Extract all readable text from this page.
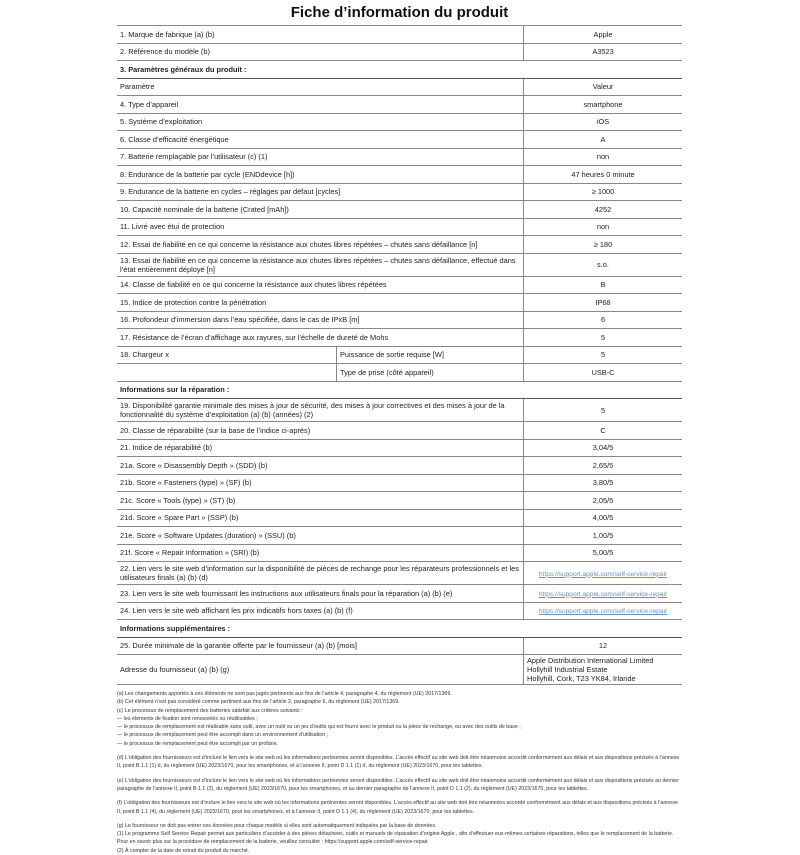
Fiche d’information du produit
1. Marque de fabrique (a) (b)		Apple
2. Référence du modèle (b)		A3523
3. Paramètres généraux du produit :		
Paramètre		Valeur
4. Type d’appareil		smartphone
5. Système d’exploitation		iOS
6. Classe d’efficacité énergétique		A
7. Batterie remplaçable par l’utilisateur (c) (1)		non
8. Endurance de la batterie par cycle (ENDdevice [h])		47 heures 0 minute
9. Endurance de la batterie en cycles – réglages par défaut [cycles]		≥ 1000
10. Capacité nominale de la batterie (Crated [mAh])		4252
11. Livré avec étui de protection		non
12. Essai de fiabilité en ce qui concerne la résistance aux chutes libres répétées – chutes sans défaillance [n]		≥ 180
13. Essai de fiabilité en ce qui concerne la résistance aux chutes libres répétées – chutes sans défaillance, effectué dans l’état entièrement déployé [n]		s.o.
14. Classe de fiabilité en ce qui concerne la résistance aux chutes libres répétées		B
15. Indice de protection contre la pénétration		IP68
16. Profondeur d’immersion dans l’eau spécifiée, dans le cas de IPxB [m]		6
17. Résistance de l’écran d’affichage aux rayures, sur l’échelle de dureté de Mohs		5
18. Chargeur x	Puissance de sortie requise [W]	5
	Type de prise (côté appareil)	USB-C
Informations sur la réparation :		
19. Disponibilité garantie minimale des mises à jour de sécurité, des mises à jour correctives et des mises à jour de la fonctionnalité du système d’exploitation (a) (b) (années) (2)		5
20. Classe de réparabilité (sur la base de l’indice ci-après)		C
21. Indice de réparabilité (b)		3,04/5
21a. Score « Disassembly Depth » (SDD) (b)		2,65/5
21b. Score « Fasteners (type) » (SF) (b)		3,80/5
21c. Score « Tools (type) » (ST) (b)		2,05/5
21d. Score « Spare Part » (SSP) (b)		4,00/5
21e. Score « Software Updates (duration) » (SSU) (b)		1,00/5
21f. Score « Repair Information » (SRI) (b)		5,00/5
22. Lien vers le site web d’information sur la disponibilité de pièces de rechange pour les réparateurs professionnels et les utilisateurs finals (a) (b) (d)		https://support.apple.com/self-service-repair
23. Lien vers le site web fournissant les instructions aux utilisateurs finals pour la réparation (a) (b) (e)		https://support.apple.com/self-service-repair
24. Lien vers le site web affichant les prix indicatifs hors taxes (a) (b) (f)		https://support.apple.com/self-service-repair
Informations supplémentaires :		
25. Durée minimale de la garantie offerte par le fournisseur (a) (b) [mois]		12
Adresse du fournisseur (a) (b) (g)		Apple Distribution International Limited
Hollyhill Industrial Estate
Hollyhill, Cork, T23 YK84, Irlande

(a) Les changements apportés à ces éléments ne sont pas jugés pertinents aux fins de l’article 4, paragraphe 4, du règlement (UE) 2017/1369.

(b) Cet élément n’est pas considéré comme pertinent aux fins de l’article 2, paragraphe 6, du règlement (UE) 2017/1369.

(c) Le processus de remplacement des batteries satisfait aux critères suivants :

— les éléments de fixation sont renouvelés ou réutilisables ;

— le processus de remplacement est réalisable sans outil, avec un outil ou un jeu d’outils qui est fourni avec le produit ou la pièce de rechange, ou avec des outils de base ;

— le processus de remplacement peut être accompli dans un environnement d’utilisation ;

— le processus de remplacement peut être accompli par un profane.

(d) L’obligation des fournisseurs est d’inclure le lien vers le site web où les informations pertinentes seront disponibles. L’accès effectif au site web doit être néanmoins accordé conformément aux délais et aux dispositions précisés à l’annexe II, point B 1.1 (1) d, du règlement (UE) 2023/1670, pour les smartphones, et à l’annexe II, point D 1.1 (1) d, du règlement (UE) 2023/1670, pour les tablettes.

(e) L’obligation des fournisseurs est d’inclure le lien vers le site web où les informations pertinentes seront disponibles. L’accès effectif au site web doit être néanmoins accordé conformément aux délais et aux dispositions précisés au dernier paragraphe de l’annexe II, point B 1.1 (2), du règlement (UE) 2023/1670, pour les smartphones, et au dernier paragraphe de l’annexe II, point D 1.1 (2), du règlement (UE) 2023/1670, pour les tablettes.

(f) L’obligation des fournisseurs est d’inclure le lien vers le site web où les informations pertinentes seront disponibles. L’accès effectif au site web doit être néanmoins accordé conformément aux délais et aux dispositions précisés à l’annexe II, point B 1.1 (4), du règlement (UE) 2023/1670, pour les smartphones, et à l’annexe II, point D 1.1 (4), du règlement (UE) 2023/1670, pour les tablettes.

(g) Le fournisseur ne doit pas entrer ces données pour chaque modèle si elles sont automatiquement indiquées par la base de données.

(1) Le programme Self Service Repair permet aux particuliers d’accéder à des pièces détachées, outils et manuels de réparation d’origine Apple , afin d’effectuer eux-mêmes certaines réparations, telles que le remplacement de la batterie. Pour en savoir plus sur la procédure de remplacement de la batterie, veuillez consulter : https://support.apple.com/self-service-repair.

(2) À compter de la date de retrait du produit du marché.
